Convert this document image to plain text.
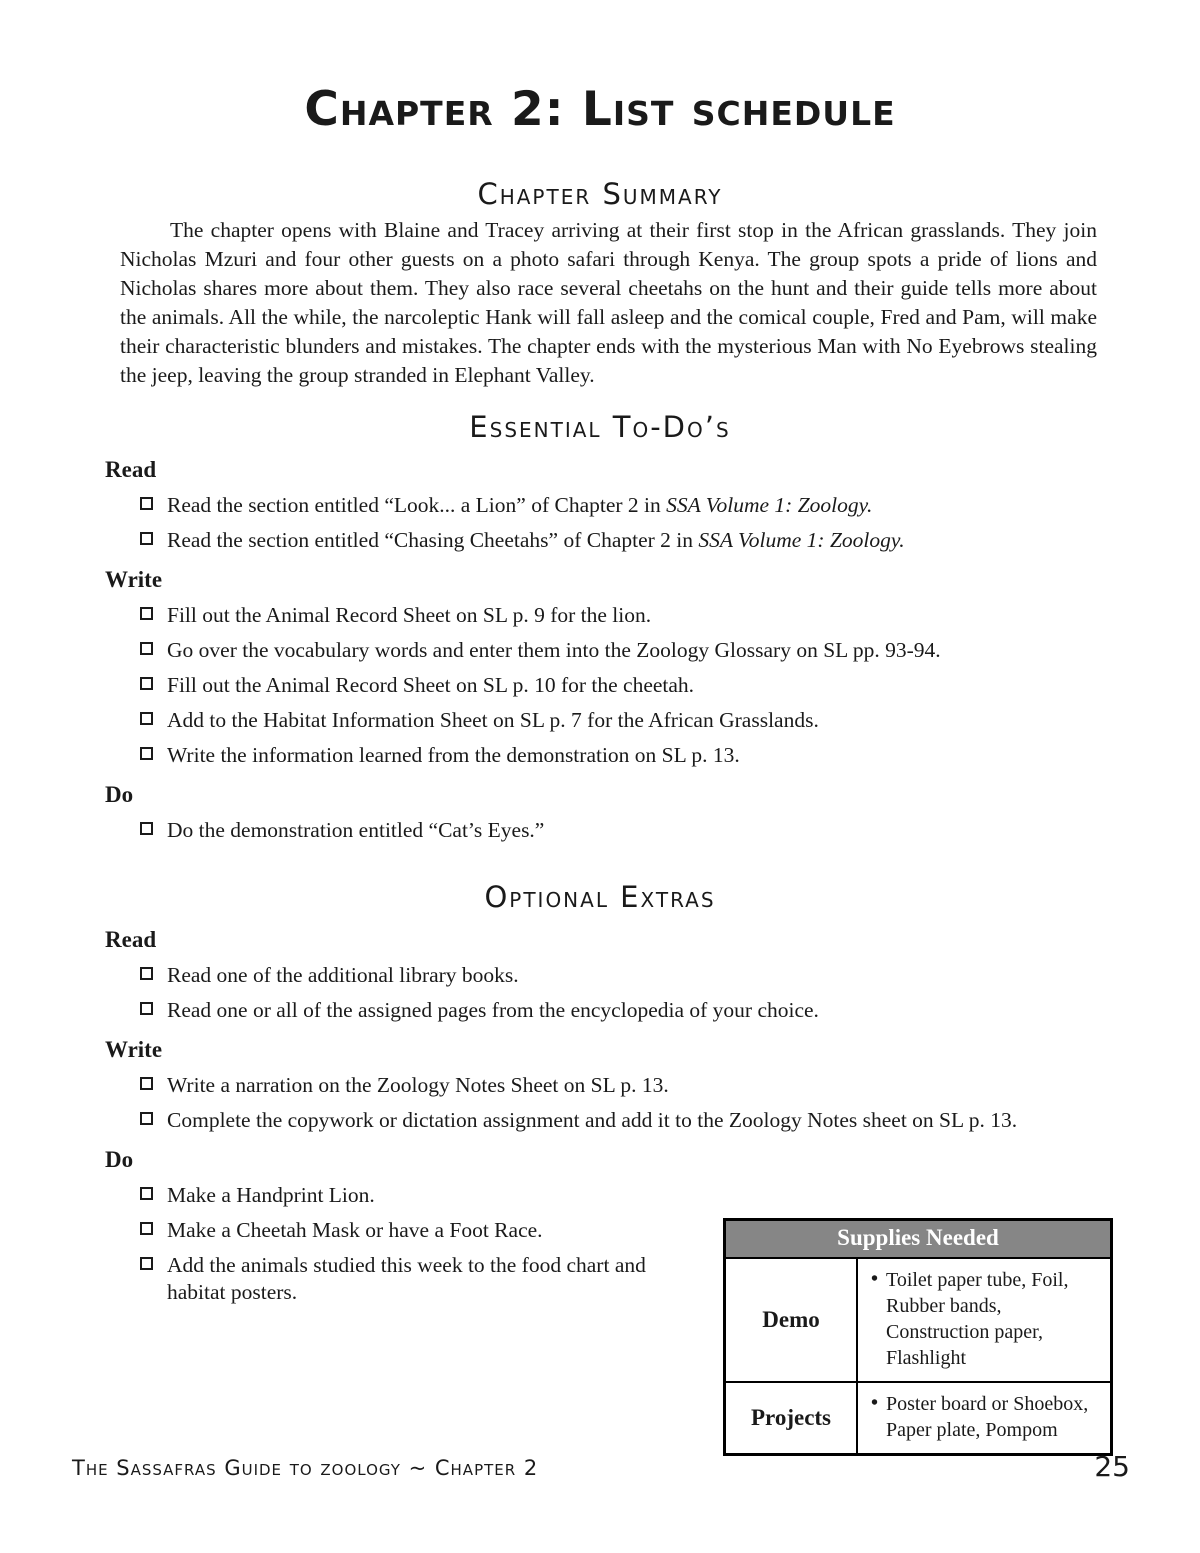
Chapter 2: List schedule
Chapter Summary

The chapter opens with Blaine and Tracey arriving at their first stop in the African grasslands. They join Nicholas Mzuri and four other guests on a photo safari through Kenya. The group spots a pride of lions and Nicholas shares more about them. They also race several cheetahs on the hunt and their guide tells more about the animals. All the while, the narcoleptic Hank will fall asleep and the comical couple, Fred and Pam, will make their characteristic blunders and mistakes. The chapter ends with the mysterious Man with No Eyebrows stealing the jeep, leaving the group stranded in Elephant Valley.

Essential To-Do’s
Read
Read the section entitled “Look... a Lion” of Chapter 2 in SSA Volume 1: Zoology.
Read the section entitled “Chasing Cheetahs” of Chapter 2 in SSA Volume 1: Zoology.
Write
Fill out the Animal Record Sheet on SL p. 9 for the lion.
Go over the vocabulary words and enter them into the Zoology Glossary on SL pp. 93-94.
Fill out the Animal Record Sheet on SL p. 10 for the cheetah.
Add to the Habitat Information Sheet on SL p. 7 for the African Grasslands.
Write the information learned from the demonstration on SL p. 13.
Do
Do the demonstration entitled “Cat’s Eyes.”
Optional Extras
Read
Read one of the additional library books.
Read one or all of the assigned pages from the encyclopedia of your choice.
Write
Write a narration on the Zoology Notes Sheet on SL p. 13.
Complete the copywork or dictation assignment and add it to the Zoology Notes sheet on SL p. 13.
Do
Make a Handprint Lion.
Make a Cheetah Mask or have a Foot Race.
Add the animals studied this week to the food chart and habitat posters.
Supplies Needed
Demo
• Toilet paper tube, Foil, Rubber bands, Construction paper, Flashlight
Projects
• Poster board or Shoebox, Paper plate, Pompom
The Sassafras Guide to zoology ~ Chapter 2	25
